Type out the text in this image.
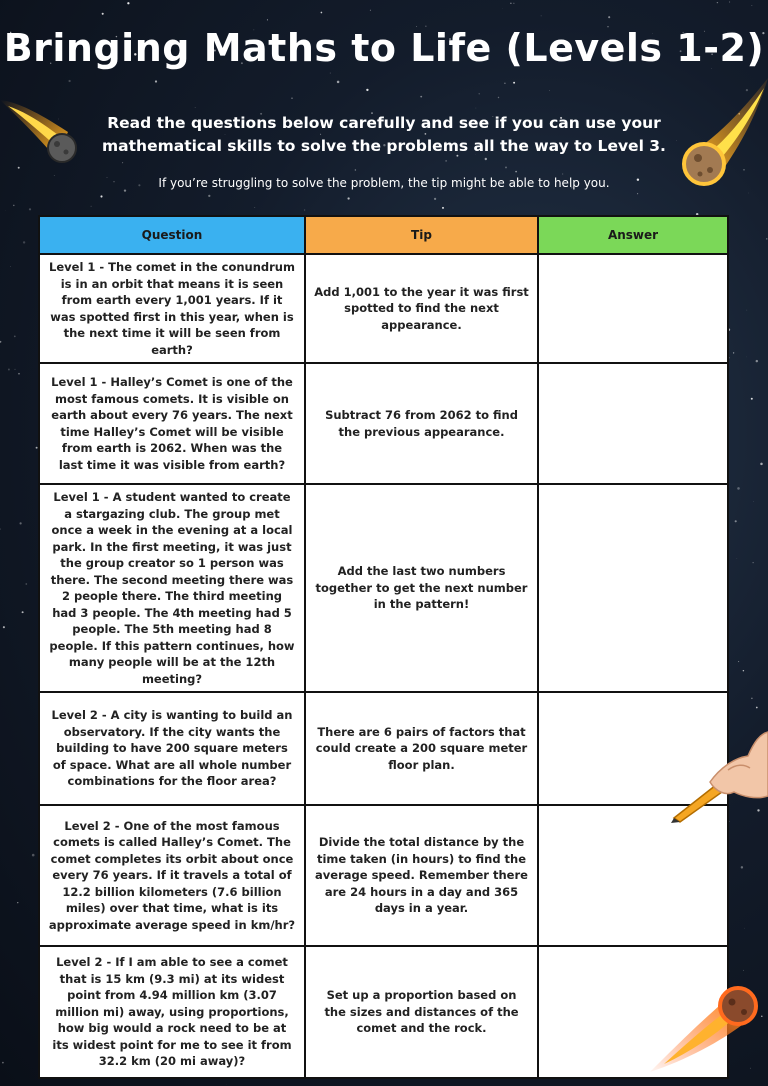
Bringing Maths to Life (Levels 1-2)
Read the questions below carefully and see if you can use your mathematical skills to solve the problems all the way to Level 3.
If you’re struggling to solve the problem, the tip might be able to help you.
Question	Tip	Answer
Level 1 - The comet in the conundrum is in an orbit that means it is seen from earth every 1,001 years. If it was spotted first in this year, when is the next time it will be seen from earth?	Add 1,001 to the year it was first spotted to find the next appearance.	
Level 1 - Halley’s Comet is one of the most famous comets. It is visible on earth about every 76 years. The next time Halley’s Comet will be visible from earth is 2062. When was the last time it was visible from earth?	Subtract 76 from 2062 to find the previous appearance.	
Level 1 - A student wanted to create a stargazing club. The group met once a week in the evening at a local park. In the first meeting, it was just the group creator so 1 person was there. The second meeting there was 2 people there. The third meeting had 3 people. The 4th meeting had 5 people. The 5th meeting had 8 people. If this pattern continues, how many people will be at the 12th meeting?	Add the last two numbers together to get the next number in the pattern!	
Level 2 - A city is wanting to build an observatory. If the city wants the building to have 200 square meters of space. What are all whole number combinations for the floor area?	There are 6 pairs of factors that could create a 200 square meter floor plan.	
Level 2 - One of the most famous comets is called Halley’s Comet. The comet completes its orbit about once every 76 years. If it travels a total of 12.2 billion kilometers (7.6 billion miles) over that time, what is its approximate average speed in km/hr?	Divide the total distance by the time taken (in hours) to find the average speed. Remember there are 24 hours in a day and 365 days in a year.	
Level 2 - If I am able to see a comet that is 15 km (9.3 mi) at its widest point from 4.94 million km (3.07 million mi) away, using proportions, how big would a rock need to be at its widest point for me to see it from 32.2 km (20 mi away)?	Set up a proportion based on the sizes and distances of the comet and the rock.	
